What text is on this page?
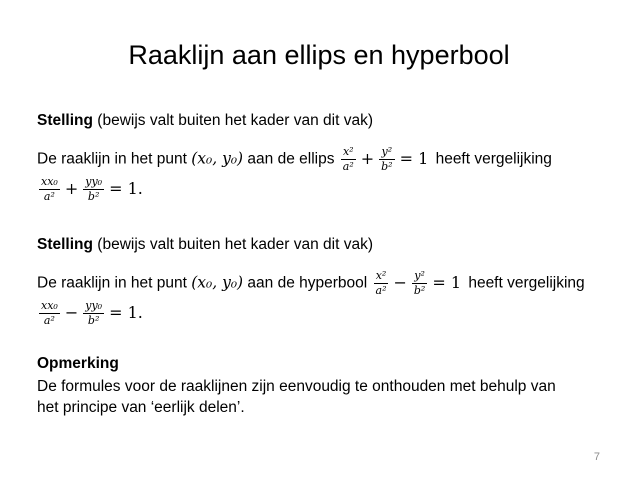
Raaklijn aan ellips en hyperbool
Stelling (bewijs valt buiten het kader van dit vak)
De raaklijn in het punt (x₀, y₀) aan de ellips $\frac{\text{x²}}{\text{a²}} + \frac{\text{y²}}{\text{b²}} = 1$ heeft vergelijking
$\frac{\text{xx₀}}{\text{a²}} + \frac{\text{yy₀}}{\text{b²}} = 1$.
Stelling (bewijs valt buiten het kader van dit vak)
De raaklijn in het punt (x₀, y₀) aan de hyperbool $\frac{\text{x²}}{\text{a²}} - \frac{\text{y²}}{\text{b²}} = 1$ heeft vergelijking
$\frac{\text{xx₀}}{\text{a²}} - \frac{\text{yy₀}}{\text{b²}} = 1$.
Opmerking
De formules voor de raaklijnen zijn eenvoudig te onthouden met behulp van
het principe van ‘eerlijk delen’.
7
